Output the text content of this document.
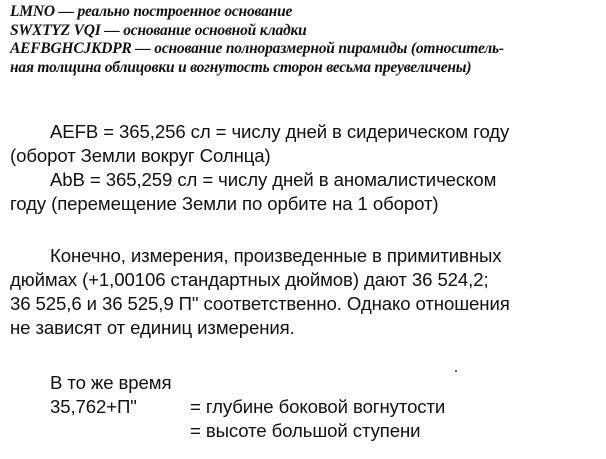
LMNO — реально построенное основание
SWXTYZ VQI — основание основной кладки
AEFBGHCJKDPR — основание полноразмерной пирамиды (относитель-
ная толщина облицовки и вогнутость сторон весьма преувеличены)
AEFB = 365,256 сл = числу дней в сидерическом году
(оборот Земли вокруг Солнца)
AbB = 365,259 сл = числу дней в аномалистическом
году (перемещение Земли по орбите на 1 оборот)
Конечно, измерения, произведенные в примитивных
дюймах (+1,00106 стандартных дюймов) дают 36 524,2;
36 525,6 и 36 525,9 П" соответственно. Однако отношения
не зависят от единиц измерения.
В то же время
35,762+П"	= глубине боковой вогнутости
= высоте большой ступени
